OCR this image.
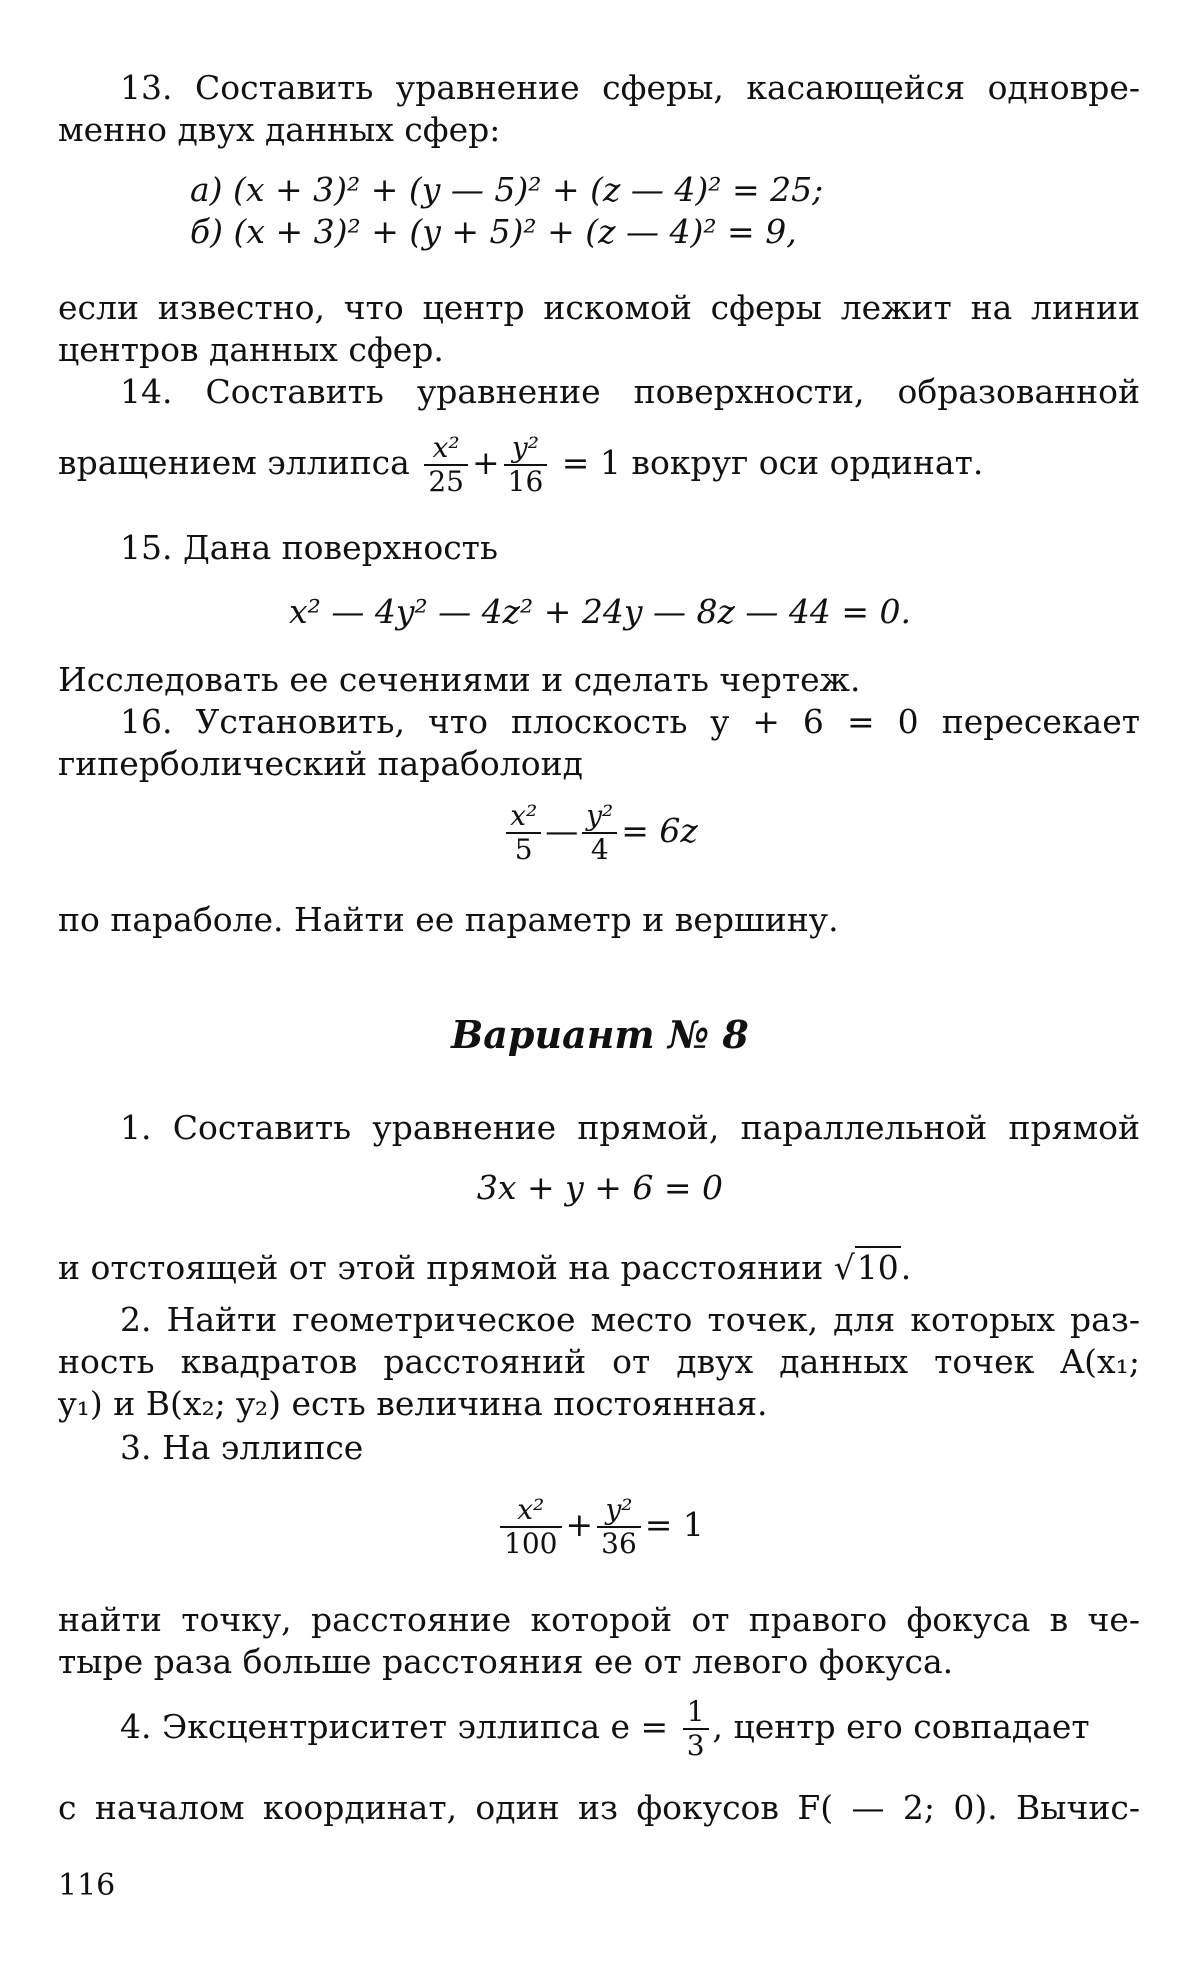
13. Составить уравнение сферы, касающейся одновре-
менно двух данных сфер:
а) (x + 3)² + (y — 5)² + (z — 4)² = 25;
б) (x + 3)² + (y + 5)² + (z — 4)² = 9,
если известно, что центр искомой сферы лежит на линии
центров данных сфер.
14. Составить уравнение поверхности, образованной
вращением эллипса $\frac{\text{x²}}{25} + \frac{\text{y²}}{16} = 1$ вокруг оси ординат.
15. Дана поверхность
x² — 4y² — 4z² + 24y — 8z — 44 = 0.
Исследовать ее сечениями и сделать чертеж.
16. Установить, что плоскость y + 6 = 0 пересекает
гиперболический параболоид
$\frac{\text{x²}}{5}$ — $\frac{\text{y²}}{4} = 6z$
по параболе. Найти ее параметр и вершину.
Вариант № 8
1. Составить уравнение прямой, параллельной прямой
3x + y + 6 = 0
и отстоящей от этой прямой на расстоянии √10.
2. Найти геометрическое место точек, для которых раз-
ность квадратов расстояний от двух данных точек A(x₁;
y₁) и B(x₂; y₂) есть величина постоянная.
3. На эллипсе
$\frac{\text{x²}}{100} + \frac{\text{y²}}{36} = 1$
найти точку, расстояние которой от правого фокуса в че-
тыре раза больше расстояния ее от левого фокуса.
4. Эксцентриситет эллипса $e = \frac{1}{3}$ , центр его совпадает
с началом координат, один из фокусов F( — 2; 0). Вычис-
116
